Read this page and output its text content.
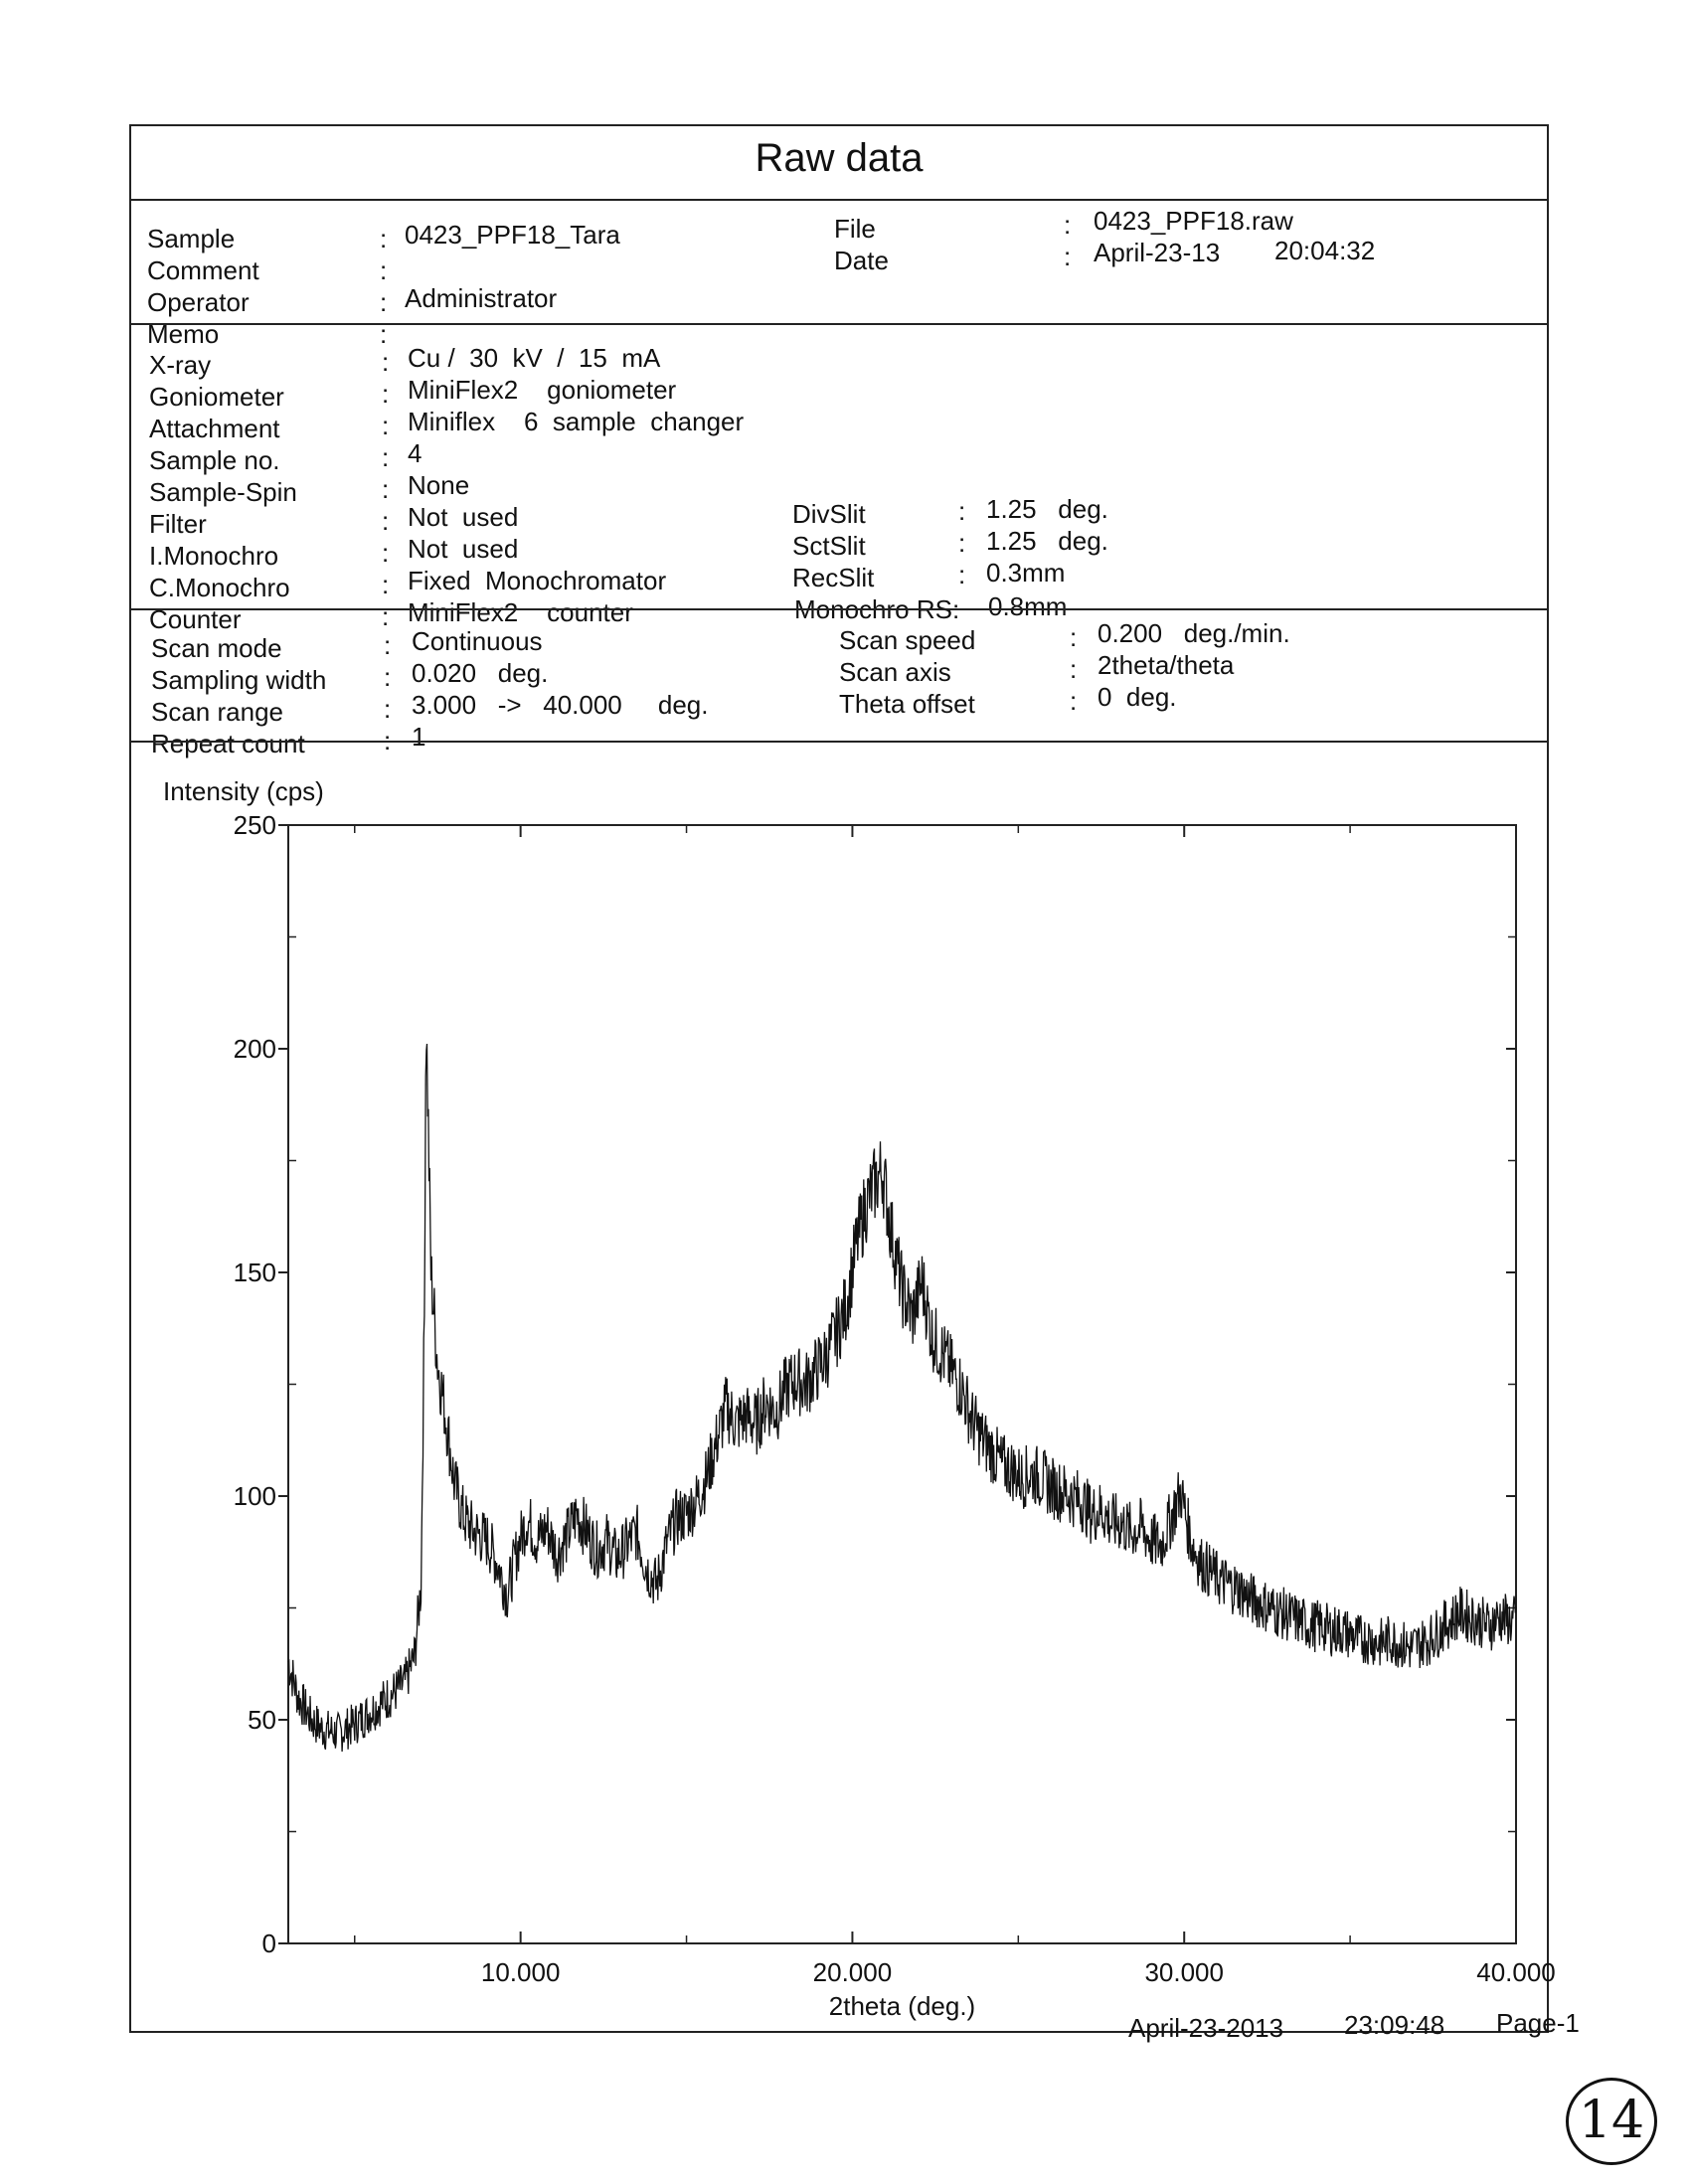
Raw data
Sample	: 0423_PPF18_Tara
Comment	:
Operator	: Administrator
Memo	:
File	: 0423_PPF18.raw
Date	: April-23-13 20:04:32
X-ray	: Cu /  30  kV  /  15  mA
Goniometer	: MiniFlex2    goniometer
Attachment	: Miniflex    6  sample  changer
Sample no.	: 4
Sample-Spin	: None
Filter	: Not  used
I.Monochro	: Not  used
C.Monochro	: Fixed  Monochromator
Counter	: MiniFlex2    counter
DivSlit	: 1.25   deg.
SctSlit	: 1.25   deg.
RecSlit	: 0.3mm
Monochro RS: 0.8mm
Scan mode	: Continuous
Sampling width : 0.020   deg.
Scan range	: 3.000   ->   40.000     deg.
Repeat count	: 1
Scan speed	: 0.200   deg./min.
Scan axis	: 2theta/theta
Theta offset	: 0  deg.
0
50
100
150
200
250
10.000	20.000	30.000	40.000
Intensity (cps)
2theta (deg.)
April-23-2013 23:09:48 Page-1
14
